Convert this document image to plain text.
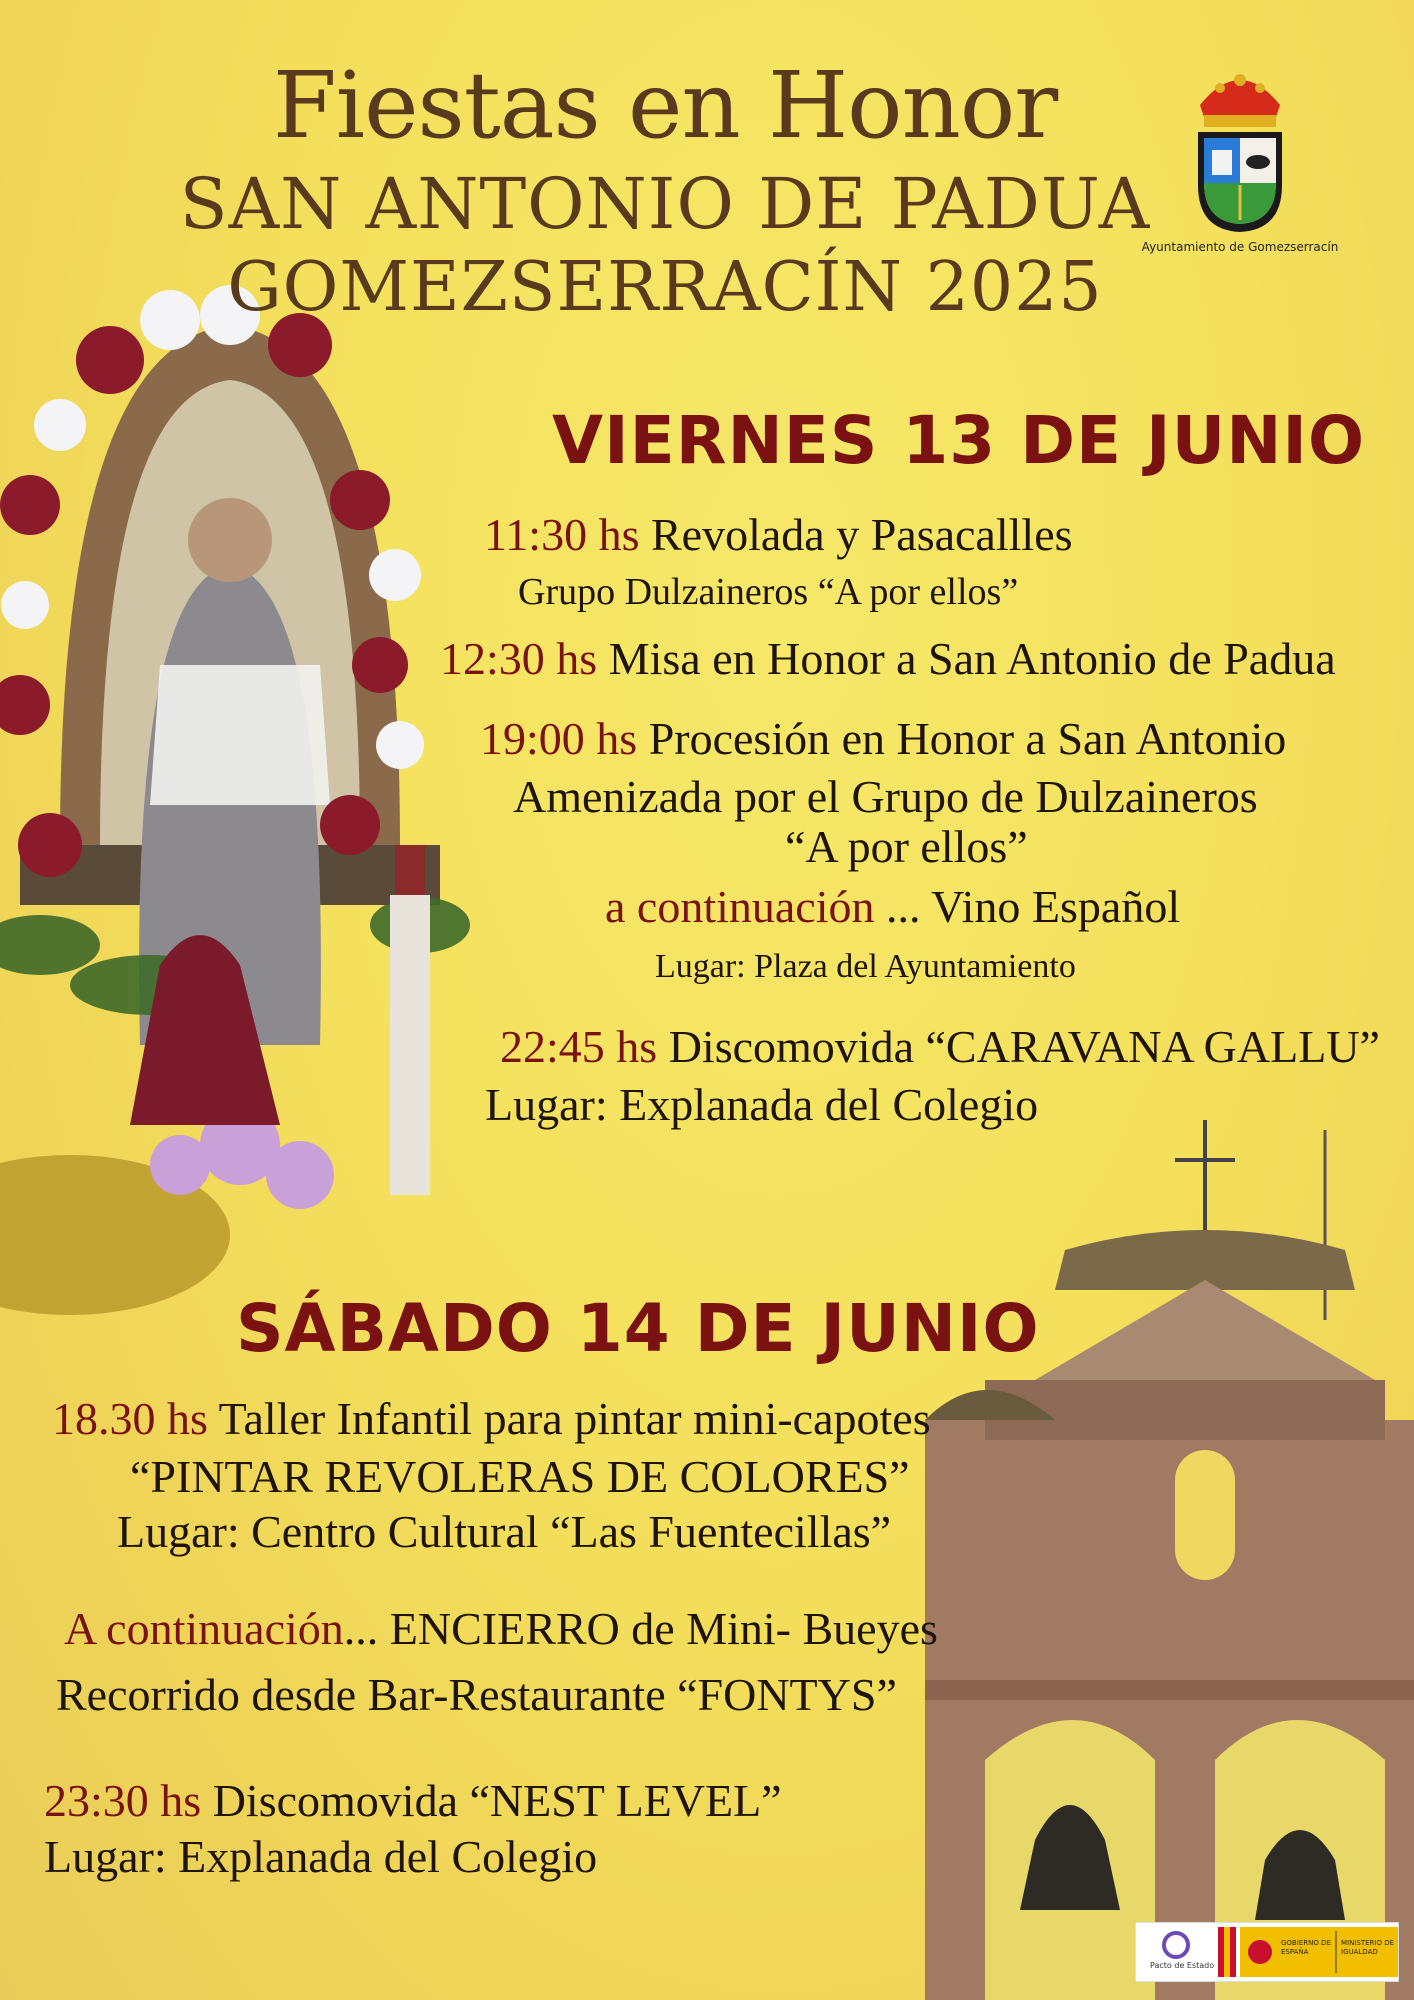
Fiestas en Honor
SAN ANTONIO DE PADUA
GOMEZSERRACÍN 2025
Ayuntamiento de Gomezserracín
VIERNES 13 DE JUNIO
11:30 hs Revolada y Pasacallles
Grupo Dulzaineros “A por ellos”
12:30 hs Misa en Honor a San Antonio de Padua
19:00 hs Procesión en Honor a San Antonio
Amenizada por el Grupo de Dulzaineros
“A por ellos”
a continuación ... Vino Español
Lugar: Plaza del Ayuntamiento
22:45 hs Discomovida “CARAVANA GALLU”
Lugar: Explanada del Colegio
SÁBADO 14 DE JUNIO
18.30 hs Taller Infantil para pintar mini-capotes
“PINTAR REVOLERAS DE COLORES”
Lugar: Centro Cultural “Las Fuentecillas”
A continuación... ENCIERRO de Mini- Bueyes
Recorrido desde Bar-Restaurante “FONTYS”
23:30 hs Discomovida “NEST LEVEL”
Lugar: Explanada del Colegio
Pacto de Estado
GOBIERNO DE ESPAÑA
MINISTERIO DE IGUALDAD
